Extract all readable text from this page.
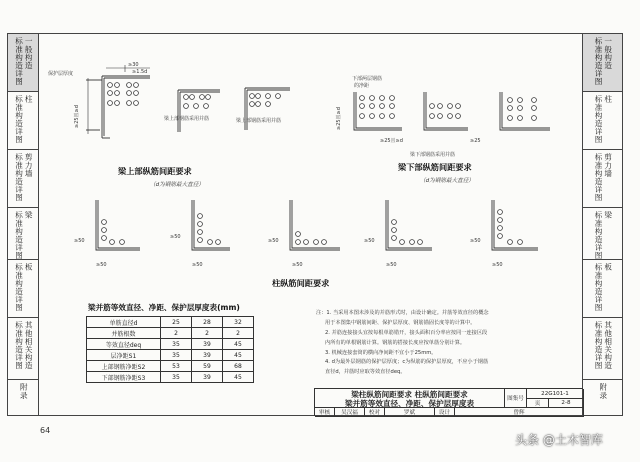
一般构造
标准构造详图
柱
标准构造详图
剪力墙
标准构造详图
梁
标准构造详图
板
标准构造详图
其他相关构造
标准构造详图
附录
一般构造
标准构造详图
柱
标准构造详图
剪力墙
标准构造详图
梁
标准构造详图
板
标准构造详图
其他相关构造
标准构造详图
附录
保护层厚度
≥30
≥1.5d
≥25且≥d	梁上部钢筋采用并筋	梁上部钢筋采用并筋
梁上部纵筋间距要求
（d为钢筋最大直径）
下部两层钢筋
的净距
≥25且≥d
≥25且≥d	≥25
梁下部钢筋采用并筋
梁下部纵筋间距要求
（d为钢筋最大直径）
≥50
≥50
≥50
≥50
≥50
≥50
≥50
≥50
≥50
≥50
柱纵筋间距要求
梁并筋等效直径、净距、保护层厚度表(mm)
单筋直径d	25	28	32
并筋根数	2	2	2
等效直径deq	35	39	45
层净距S1	35	39	45
上部钢筋净距S2	53	59	68
下部钢筋净距S3	35	39	45
注：1. 当采用本图未涉及的并筋形式时，由设计确定。并筋等效直径的概念
用于本图集中钢筋间距、保护层厚度、钢筋锚固长度等的计算中。
2. 并筋连接接头宜按每根单筋错开，接头面积百分率应按同一连接区段
内所有的单根钢筋计算。钢筋的搭接长度应按单筋分别计算。
3. 机械连接套筒的横向净间距不宜小于25mm。
4. d为最外层钢筋的保护层厚度；c为纵筋的保护层厚度，不应小于钢筋
直径d，并筋时应取等效直径deq。
梁柱纵筋间距要求 柱纵筋间距要求
梁并筋等效直径、净距、保护层厚度表	图集号
22G101-1
页	2-8
审核	吴汉福	校对	罗斌	设计	曾辉
64
头条 @土木智库
